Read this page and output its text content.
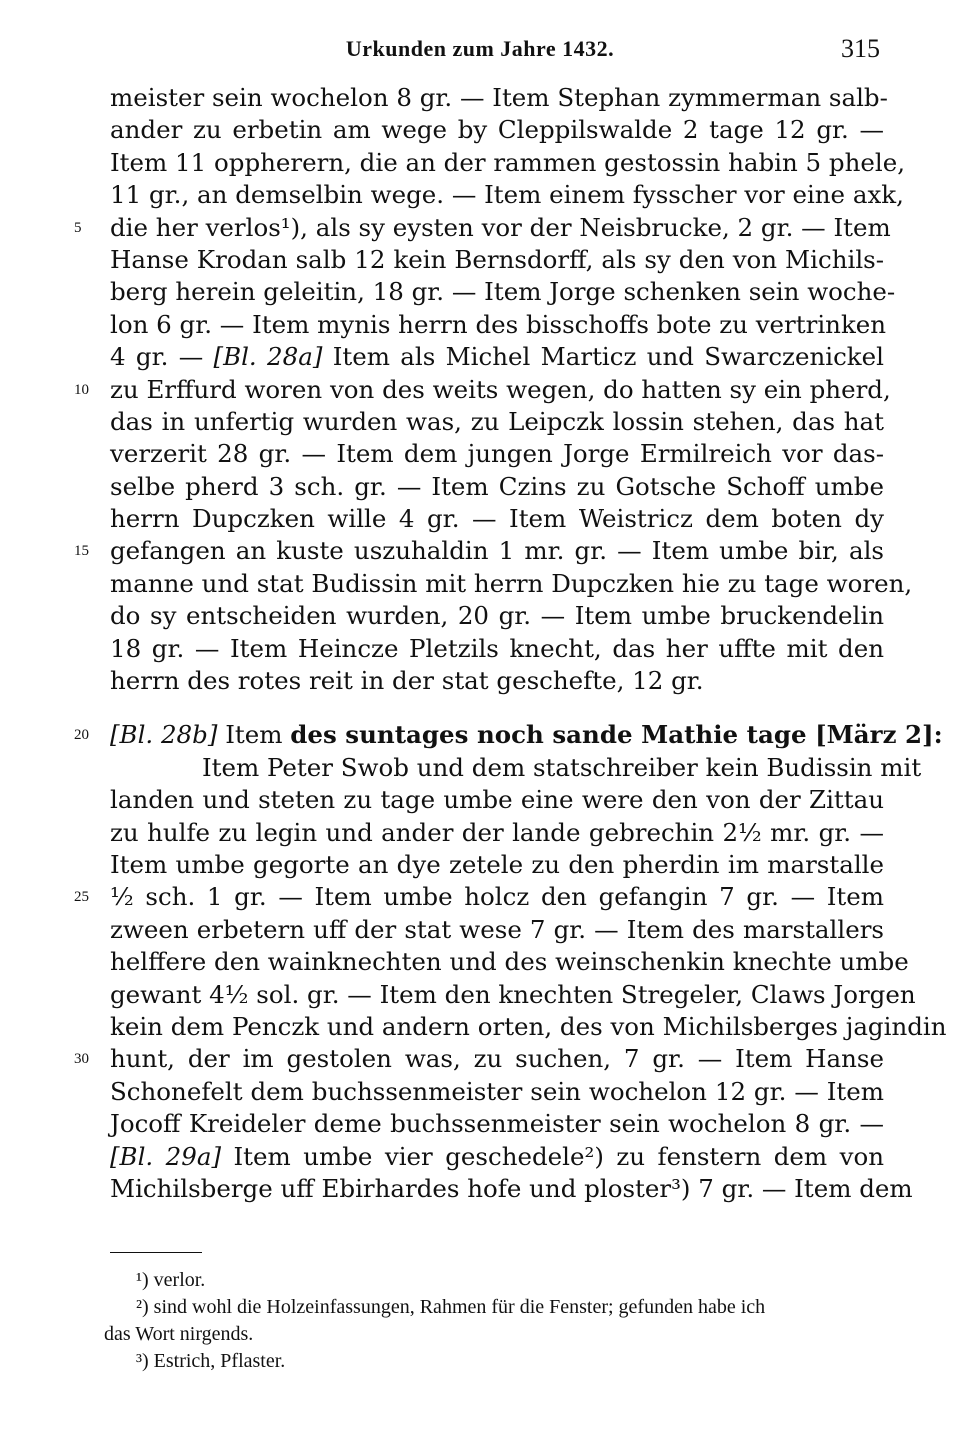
Urkunden zum Jahre 1432.	315
meister sein wochelon 8 gr. — Item Stephan zymmerman salb-
ander zu erbetin am wege by Cleppilswalde 2 tage 12 gr. —
Item 11 oppherern, die an der rammen gestossin habin 5 phele,
11 gr., an demselbin wege. — Item einem fysscher vor eine axk,
5	die her verlos¹), als sy eysten vor der Neisbrucke, 2 gr. — Item
Hanse Krodan salb 12 kein Bernsdorff, als sy den von Michils-
berg herein geleitin, 18 gr. — Item Jorge schenken sein woche-
lon 6 gr. — Item mynis herrn des bisschoffs bote zu vertrinken
4 gr. — [Bl. 28a] Item als Michel Marticz und Swarczenickel
10 zu Erffurd woren von des weits wegen, do hatten sy ein pherd,
das in unfertig wurden was, zu Leipczk lossin stehen, das hat
verzerit 28 gr. — Item dem jungen Jorge Ermilreich vor das-
selbe pherd 3 sch. gr. — Item Czins zu Gotsche Schoff umbe
herrn Dupczken wille 4 gr. — Item Weistricz dem boten dy
15 gefangen an kuste uszuhaldin 1 mr. gr. — Item umbe bir, als
manne und stat Budissin mit herrn Dupczken hie zu tage woren,
do sy entscheiden wurden, 20 gr. — Item umbe bruckendelin
18 gr. — Item Heincze Pletzils knecht, das her uffte mit den
herrn des rotes reit in der stat geschefte, 12 gr.
20 [Bl. 28b] Item des suntages noch sande Mathie tage [März 2]:
Item Peter Swob und dem statschreiber kein Budissin mit
landen und steten zu tage umbe eine were den von der Zittau
zu hulfe zu legin und ander der lande gebrechin 2½ mr. gr. —
Item umbe gegorte an dye zetele zu den pherdin im marstalle
25 ½ sch. 1 gr. — Item umbe holcz den gefangin 7 gr. — Item
zween erbetern uff der stat wese 7 gr. — Item des marstallers
helffere den wainknechten und des weinschenkin knechte umbe
gewant 4½ sol. gr. — Item den knechten Stregeler, Claws Jorgen
kein dem Penczk und andern orten, des von Michilsberges jagindin
30 hunt, der im gestolen was, zu suchen, 7 gr. — Item Hanse
Schonefelt dem buchssenmeister sein wochelon 12 gr. — Item
Jocoff Kreideler deme buchssenmeister sein wochelon 8 gr. —
[Bl. 29a] Item umbe vier geschedele²) zu fenstern dem von
Michilsberge uff Ebirhardes hofe und ploster³) 7 gr. — Item dem
¹) verlor.
²) sind wohl die Holzeinfassungen, Rahmen für die Fenster; gefunden habe ich
das Wort nirgends.
³) Estrich, Pflaster.
